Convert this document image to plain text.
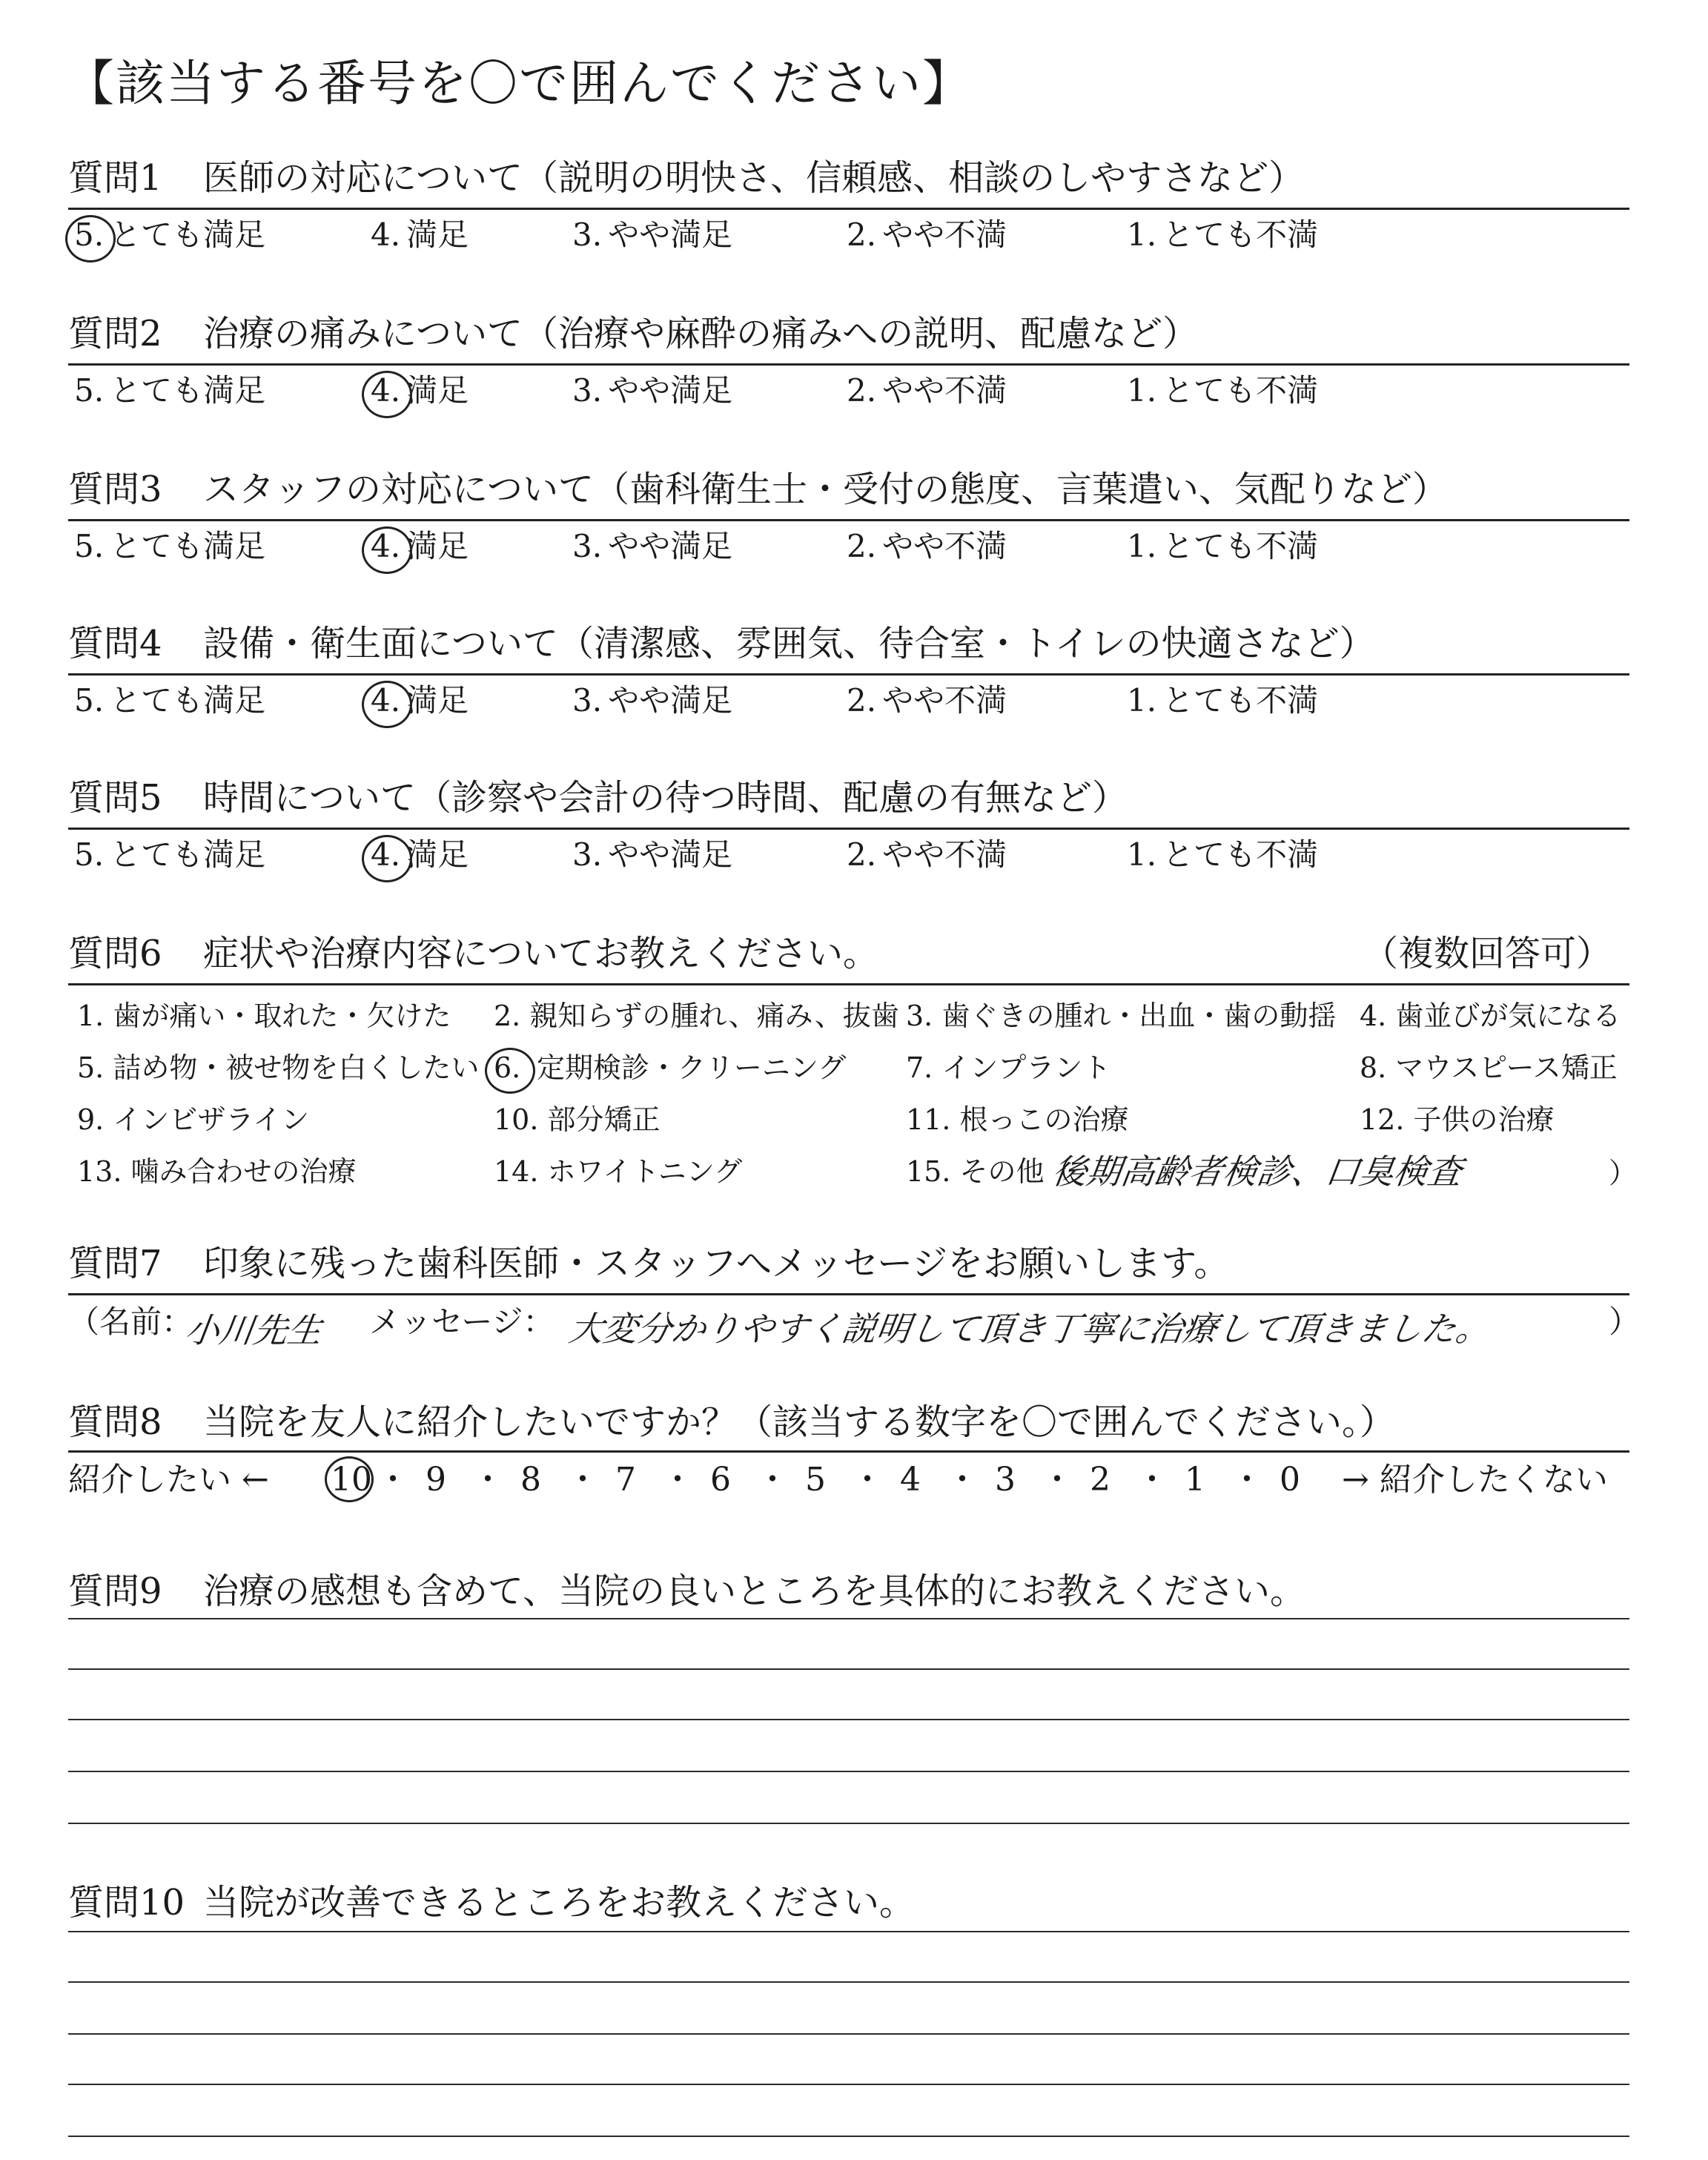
【該当する番号を〇で囲んでください】
質問1 医師の対応について（説明の明快さ、信頼感、相談のしやすさなど）
5. とても満足	4. 満足	3. やや満足	2. やや不満	1. とても不満
質問2 治療の痛みについて（治療や麻酔の痛みへの説明、配慮など）
5. とても満足	4. 満足	3. やや満足	2. やや不満	1. とても不満
質問3 スタッフの対応について（歯科衛生士・受付の態度、言葉遣い、気配りなど）
5. とても満足	4. 満足	3. やや満足	2. やや不満	1. とても不満
質問4 設備・衛生面について（清潔感、雰囲気、待合室・トイレの快適さなど）
5. とても満足	4. 満足	3. やや満足	2. やや不満	1. とても不満
質問5 時間について（診察や会計の待つ時間、配慮の有無など）
5. とても満足	4. 満足	3. やや満足	2. やや不満	1. とても不満
質問6 症状や治療内容についてお教えください。	（複数回答可）
1. 歯が痛い・取れた・欠けた 2. 親知らずの腫れ、痛み、抜歯 3. 歯ぐきの腫れ・出血・歯の動揺 4. 歯並びが気になる
5. 詰め物・被せ物を白くしたい 6. 定期検診・クリーニング 7. インプラント	8. マウスピース矯正
9. インビザライン	10. 部分矯正	11. 根っこの治療	12. 子供の治療
13. 噛み合わせの治療	14. ホワイトニング	15. その他（
後期高齢者検診、口臭検査	）
質問7 印象に残った歯科医師・スタッフへメッセージをお願いします。
（名前：
小川先生 メッセージ： 大変分かりやすく説明して頂き丁寧に治療して頂きました。	）
質問8 当院を友人に紹介したいですか？（該当する数字を〇で囲んでください。）
紹介したい ← 10 ・ 9 ・ 8 ・ 7 ・ 6 ・ 5 ・ 4 ・ 3 ・ 2 ・ 1 ・ 0 → 紹介したくない
質問9 治療の感想も含めて、当院の良いところを具体的にお教えください。
質問10 当院が改善できるところをお教えください。
